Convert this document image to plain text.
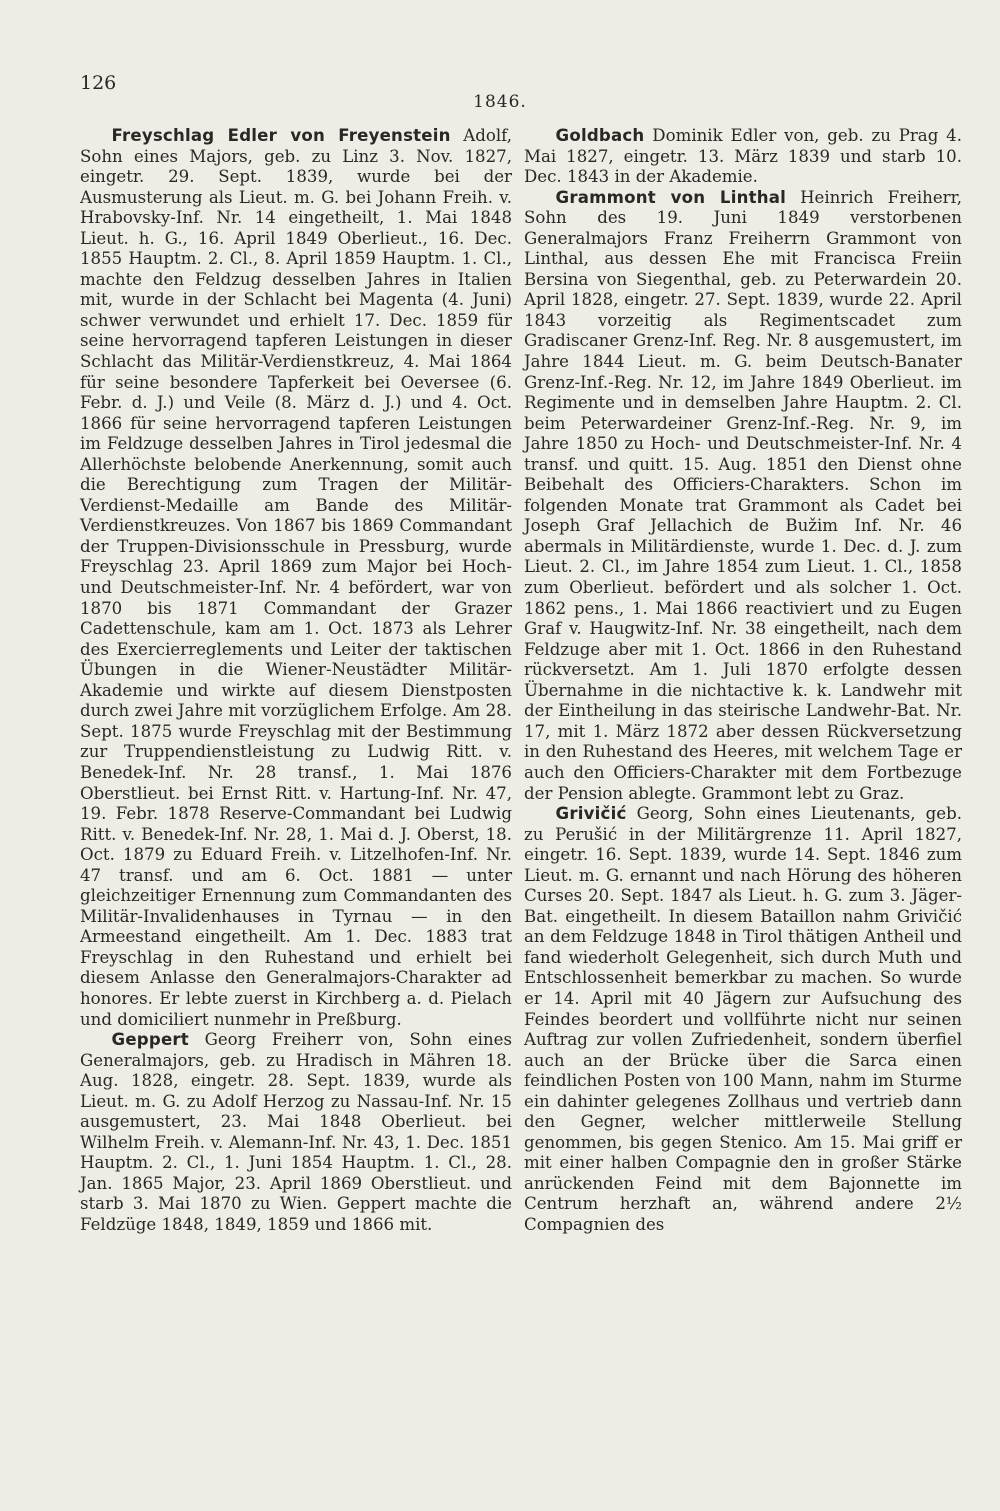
126
1846.

Freyschlag Edler von Freyenstein Adolf, Sohn eines Majors, geb. zu Linz 3. Nov. 1827, eingetr. 29. Sept. 1839, wurde bei der Ausmusterung als Lieut. m. G. bei Johann Freih. v. Hrabovsky-Inf. Nr. 14 eingetheilt, 1. Mai 1848 Lieut. h. G., 16. April 1849 Oberlieut., 16. Dec. 1855 Hauptm. 2. Cl., 8. April 1859 Hauptm. 1. Cl., machte den Feldzug desselben Jahres in Italien mit, wurde in der Schlacht bei Magenta (4. Juni) schwer verwundet und erhielt 17. Dec. 1859 für seine hervorragend tapferen Leistungen in dieser Schlacht das Militär-Verdienstkreuz, 4. Mai 1864 für seine besondere Tapferkeit bei Oeversee (6. Febr. d. J.) und Veile (8. März d. J.) und 4. Oct. 1866 für seine hervorragend tapferen Leistungen im Feldzuge desselben Jahres in Tirol jedesmal die Allerhöchste belobende Anerkennung, somit auch die Berechtigung zum Tragen der Militär-Verdienst-Medaille am Bande des Militär-Verdienstkreuzes. Von 1867 bis 1869 Commandant der Truppen-Divisionsschule in Pressburg, wurde Freyschlag 23. April 1869 zum Major bei Hoch- und Deutschmeister-Inf. Nr. 4 befördert, war von 1870 bis 1871 Commandant der Grazer Cadettenschule, kam am 1. Oct. 1873 als Lehrer des Exercierreglements und Leiter der taktischen Übungen in die Wiener-Neustädter Militär-Akademie und wirkte auf diesem Dienstposten durch zwei Jahre mit vorzüglichem Erfolge. Am 28. Sept. 1875 wurde Freyschlag mit der Bestimmung zur Truppendienstleistung zu Ludwig Ritt. v. Benedek-Inf. Nr. 28 transf., 1. Mai 1876 Oberstlieut. bei Ernst Ritt. v. Hartung-Inf. Nr. 47, 19. Febr. 1878 Reserve-Commandant bei Ludwig Ritt. v. Benedek-Inf. Nr. 28, 1. Mai d. J. Oberst, 18. Oct. 1879 zu Eduard Freih. v. Litzelhofen-Inf. Nr. 47 transf. und am 6. Oct. 1881 — unter gleichzeitiger Ernennung zum Commandanten des Militär-Invalidenhauses in Tyrnau — in den Armeestand eingetheilt. Am 1. Dec. 1883 trat Freyschlag in den Ruhestand und erhielt bei diesem Anlasse den Generalmajors-Charakter ad honores. Er lebte zuerst in Kirchberg a. d. Pielach und domiciliert nunmehr in Preßburg.

Geppert Georg Freiherr von, Sohn eines Generalmajors, geb. zu Hradisch in Mähren 18. Aug. 1828, eingetr. 28. Sept. 1839, wurde als Lieut. m. G. zu Adolf Herzog zu Nassau-Inf. Nr. 15 ausgemustert, 23. Mai 1848 Oberlieut. bei Wilhelm Freih. v. Alemann-Inf. Nr. 43, 1. Dec. 1851 Hauptm. 2. Cl., 1. Juni 1854 Hauptm. 1. Cl., 28. Jan. 1865 Major, 23. April 1869 Oberstlieut. und starb 3. Mai 1870 zu Wien. Geppert machte die Feldzüge 1848, 1849, 1859 und 1866 mit.

Goldbach Dominik Edler von, geb. zu Prag 4. Mai 1827, eingetr. 13. März 1839 und starb 10. Dec. 1843 in der Akademie.

Grammont von Linthal Heinrich Freiherr, Sohn des 19. Juni 1849 verstorbenen Generalmajors Franz Freiherrn Grammont von Linthal, aus dessen Ehe mit Francisca Freiin Bersina von Siegenthal, geb. zu Peterwardein 20. April 1828, eingetr. 27. Sept. 1839, wurde 22. April 1843 vorzeitig als Regimentscadet zum Gradiscaner Grenz-Inf. Reg. Nr. 8 ausgemustert, im Jahre 1844 Lieut. m. G. beim Deutsch-Banater Grenz-Inf.-Reg. Nr. 12, im Jahre 1849 Oberlieut. im Regimente und in demselben Jahre Hauptm. 2. Cl. beim Peterwardeiner Grenz-Inf.-Reg. Nr. 9, im Jahre 1850 zu Hoch- und Deutschmeister-Inf. Nr. 4 transf. und quitt. 15. Aug. 1851 den Dienst ohne Beibehalt des Officiers-Charakters. Schon im folgenden Monate trat Grammont als Cadet bei Joseph Graf Jellachich de Bužim Inf. Nr. 46 abermals in Militärdienste, wurde 1. Dec. d. J. zum Lieut. 2. Cl., im Jahre 1854 zum Lieut. 1. Cl., 1858 zum Oberlieut. befördert und als solcher 1. Oct. 1862 pens., 1. Mai 1866 reactiviert und zu Eugen Graf v. Haugwitz-Inf. Nr. 38 eingetheilt, nach dem Feldzuge aber mit 1. Oct. 1866 in den Ruhestand rückversetzt. Am 1. Juli 1870 erfolgte dessen Übernahme in die nichtactive k. k. Landwehr mit der Eintheilung in das steirische Landwehr-Bat. Nr. 17, mit 1. März 1872 aber dessen Rückversetzung in den Ruhestand des Heeres, mit welchem Tage er auch den Officiers-Charakter mit dem Fortbezuge der Pension ablegte. Grammont lebt zu Graz.

Grivičić Georg, Sohn eines Lieutenants, geb. zu Perušić in der Militärgrenze 11. April 1827, eingetr. 16. Sept. 1839, wurde 14. Sept. 1846 zum Lieut. m. G. ernannt und nach Hörung des höheren Curses 20. Sept. 1847 als Lieut. h. G. zum 3. Jäger-Bat. eingetheilt. In diesem Bataillon nahm Grivičić an dem Feldzuge 1848 in Tirol thätigen Antheil und fand wiederholt Gelegenheit, sich durch Muth und Entschlossenheit bemerkbar zu machen. So wurde er 14. April mit 40 Jägern zur Aufsuchung des Feindes beordert und vollführte nicht nur seinen Auftrag zur vollen Zufriedenheit, sondern überfiel auch an der Brücke über die Sarca einen feindlichen Posten von 100 Mann, nahm im Sturme ein dahinter gelegenes Zollhaus und vertrieb dann den Gegner, welcher mittlerweile Stellung genommen, bis gegen Stenico. Am 15. Mai griff er mit einer halben Compagnie den in großer Stärke anrückenden Feind mit dem Bajonnette im Centrum herzhaft an, während andere 2½ Compagnien des
